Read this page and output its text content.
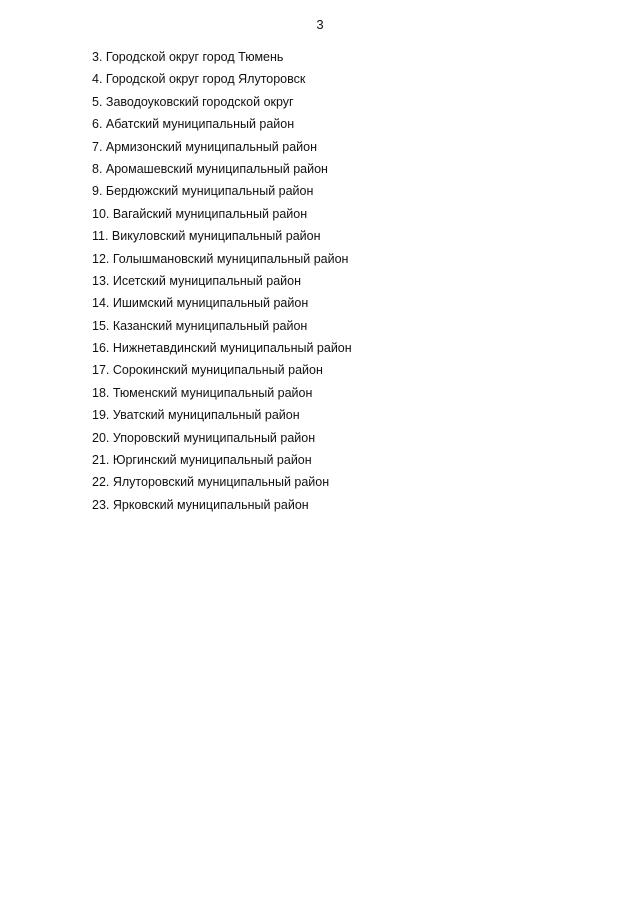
3
3. Городской округ город Тюмень
4. Городской округ город Ялуторовск
5. Заводоуковский городской округ
6. Абатский муниципальный район
7. Армизонский муниципальный район
8. Аромашевский муниципальный район
9. Бердюжский муниципальный район
10. Вагайский муниципальный район
11. Викуловский муниципальный район
12. Голышмановский муниципальный район
13. Исетский муниципальный район
14. Ишимский муниципальный район
15. Казанский муниципальный район
16. Нижнетавдинский муниципальный район
17. Сорокинский муниципальный район
18. Тюменский муниципальный район
19. Уватский муниципальный район
20. Упоровский муниципальный район
21. Юргинский муниципальный район
22. Ялуторовский муниципальный район
23. Ярковский муниципальный район
